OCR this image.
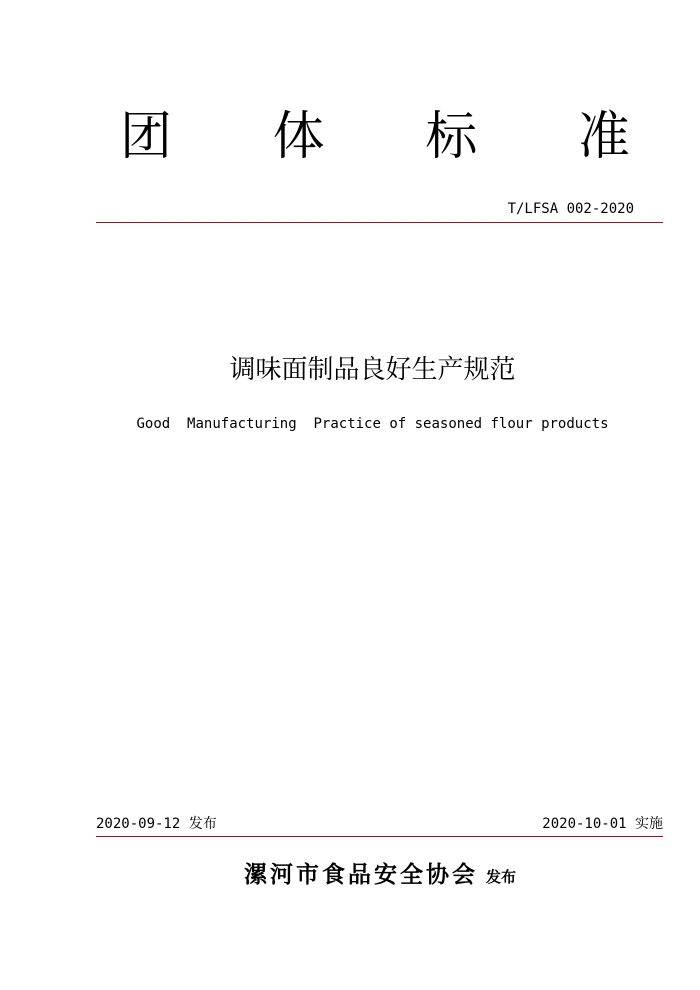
团 体 标 准
T/LFSA 002-2020
调味面制品良好生产规范
Good  Manufacturing  Practice of seasoned flour products
2020-09-12 发布	2020-10-01 实施
漯河市食品安全协会 发布
